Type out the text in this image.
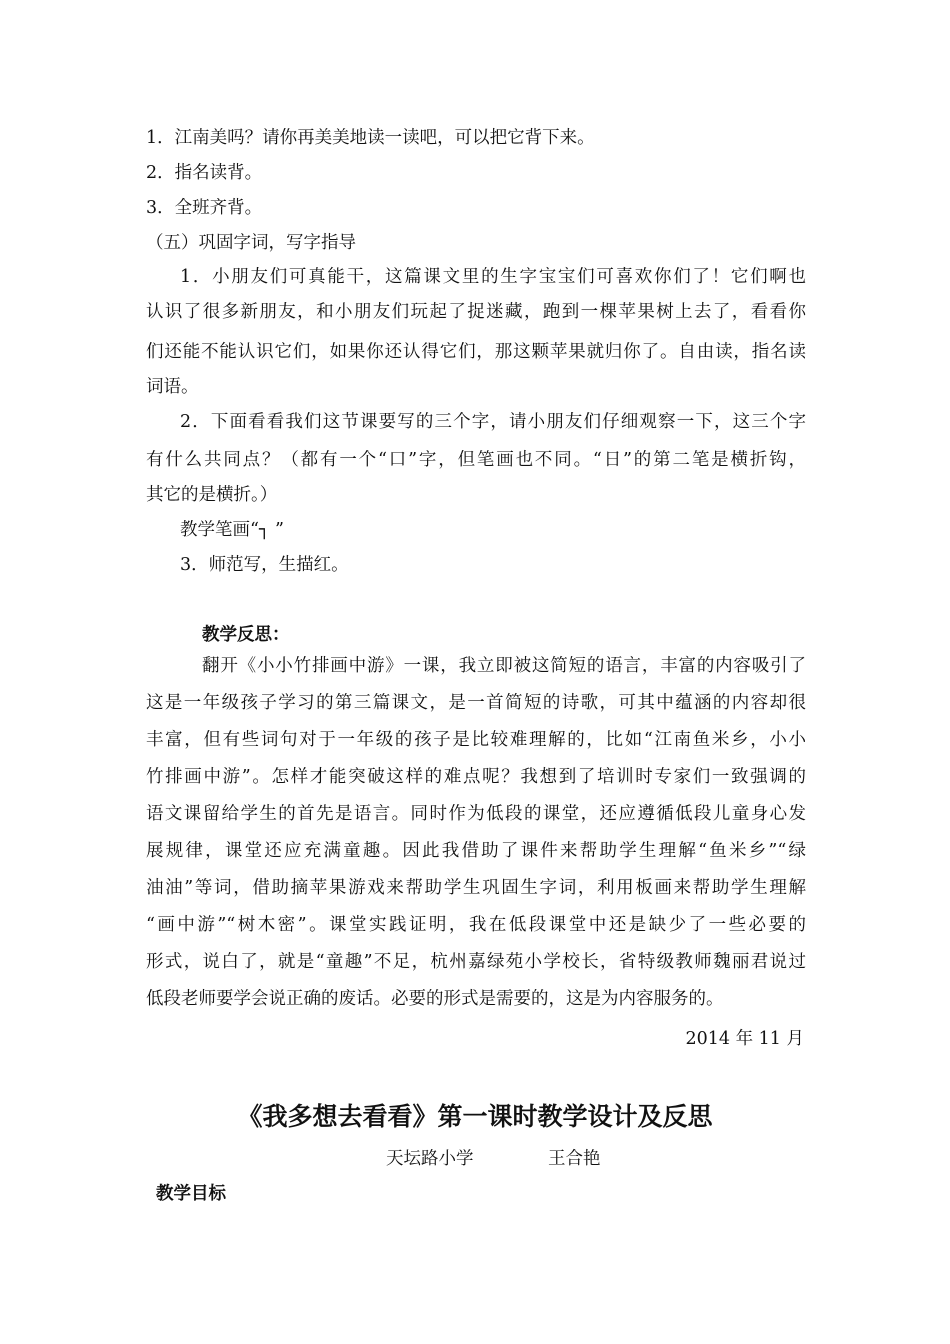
1．江南美吗？请你再美美地读一读吧，可以把它背下来。
2．指名读背。
3．全班齐背。
（五）巩固字词，写字指导
1．小朋友们可真能干，这篇课文里的生字宝宝们可喜欢你们了！它们啊也
认识了很多新朋友，和小朋友们玩起了捉迷藏，跑到一棵苹果树上去了，看看你
们还能不能认识它们，如果你还认得它们，那这颗苹果就归你了。自由读，指名读
词语。
2．下面看看我们这节课要写的三个字，请小朋友们仔细观察一下，这三个字
有什么共同点？（都有一个“口”字，但笔画也不同。“日”的第二笔是横折钩，
其它的是横折。）
教学笔画“┐ ”
3．师范写，生描红。
教学反思：
翻开《小小竹排画中游》一课，我立即被这简短的语言，丰富的内容吸引了
这是一年级孩子学习的第三篇课文，是一首简短的诗歌，可其中蕴涵的内容却很
丰富，但有些词句对于一年级的孩子是比较难理解的，比如“江南鱼米乡，小小
竹排画中游”。怎样才能突破这样的难点呢？我想到了培训时专家们一致强调的
语文课留给学生的首先是语言。同时作为低段的课堂，还应遵循低段儿童身心发
展规律，课堂还应充满童趣。因此我借助了课件来帮助学生理解“鱼米乡”“绿
油油”等词，借助摘苹果游戏来帮助学生巩固生字词，利用板画来帮助学生理解
“画中游”“树木密”。课堂实践证明，我在低段课堂中还是缺少了一些必要的
形式，说白了，就是“童趣”不足，杭州嘉绿苑小学校长，省特级教师魏丽君说过
低段老师要学会说正确的废话。必要的形式是需要的，这是为内容服务的。
2014 年 11 月
《我多想去看看》第一课时教学设计及反思
天坛路小学	王合艳
教学目标
